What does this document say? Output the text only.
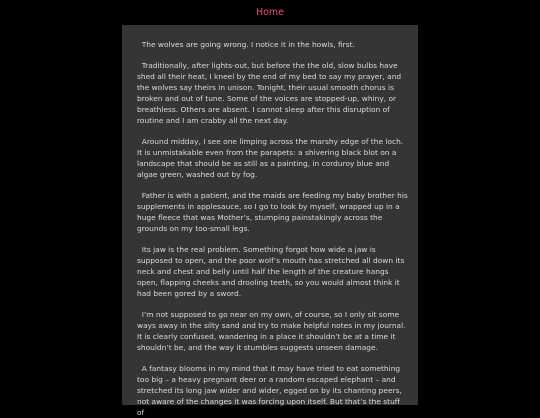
Home

The wolves are going wrong. I notice it in the howls, first.

Traditionally, after lights-out, but before the the old, slow bulbs have shed all their heat, I kneel by the end of my bed to say my prayer, and the wolves say theirs in unison. Tonight, their usual smooth chorus is broken and out of tune. Some of the voices are stopped-up, whiny, or breathless. Others are absent. I cannot sleep after this disruption of routine and I am crabby all the next day.

Around midday, I see one limping across the marshy edge of the loch. It is unmistakable even from the parapets: a shivering black blot on a landscape that should be as still as a painting, in corduroy blue and algae green, washed out by fog.

Father is with a patient, and the maids are feeding my baby brother his supplements in applesauce, so I go to look by myself, wrapped up in a huge fleece that was Mother’s, stumping painstakingly across the grounds on my too-small legs.

Its jaw is the real problem. Something forgot how wide a jaw is supposed to open, and the poor wolf’s mouth has stretched all down its neck and chest and belly until half the length of the creature hangs open, flapping cheeks and drooling teeth, so you would almost think it had been gored by a sword.

I’m not supposed to go near on my own, of course, so I only sit some ways away in the silty sand and try to make helpful notes in my journal. It is clearly confused, wandering in a place it shouldn’t be at a time it shouldn’t be, and the way it stumbles suggests unseen damage.

A fantasy blooms in my mind that it may have tried to eat something too big – a heavy pregnant deer or a random escaped elephant – and stretched its long jaw wider and wider, egged on by its chanting peers, not aware of the changes it was forcing upon itself. But that’s the stuff of
